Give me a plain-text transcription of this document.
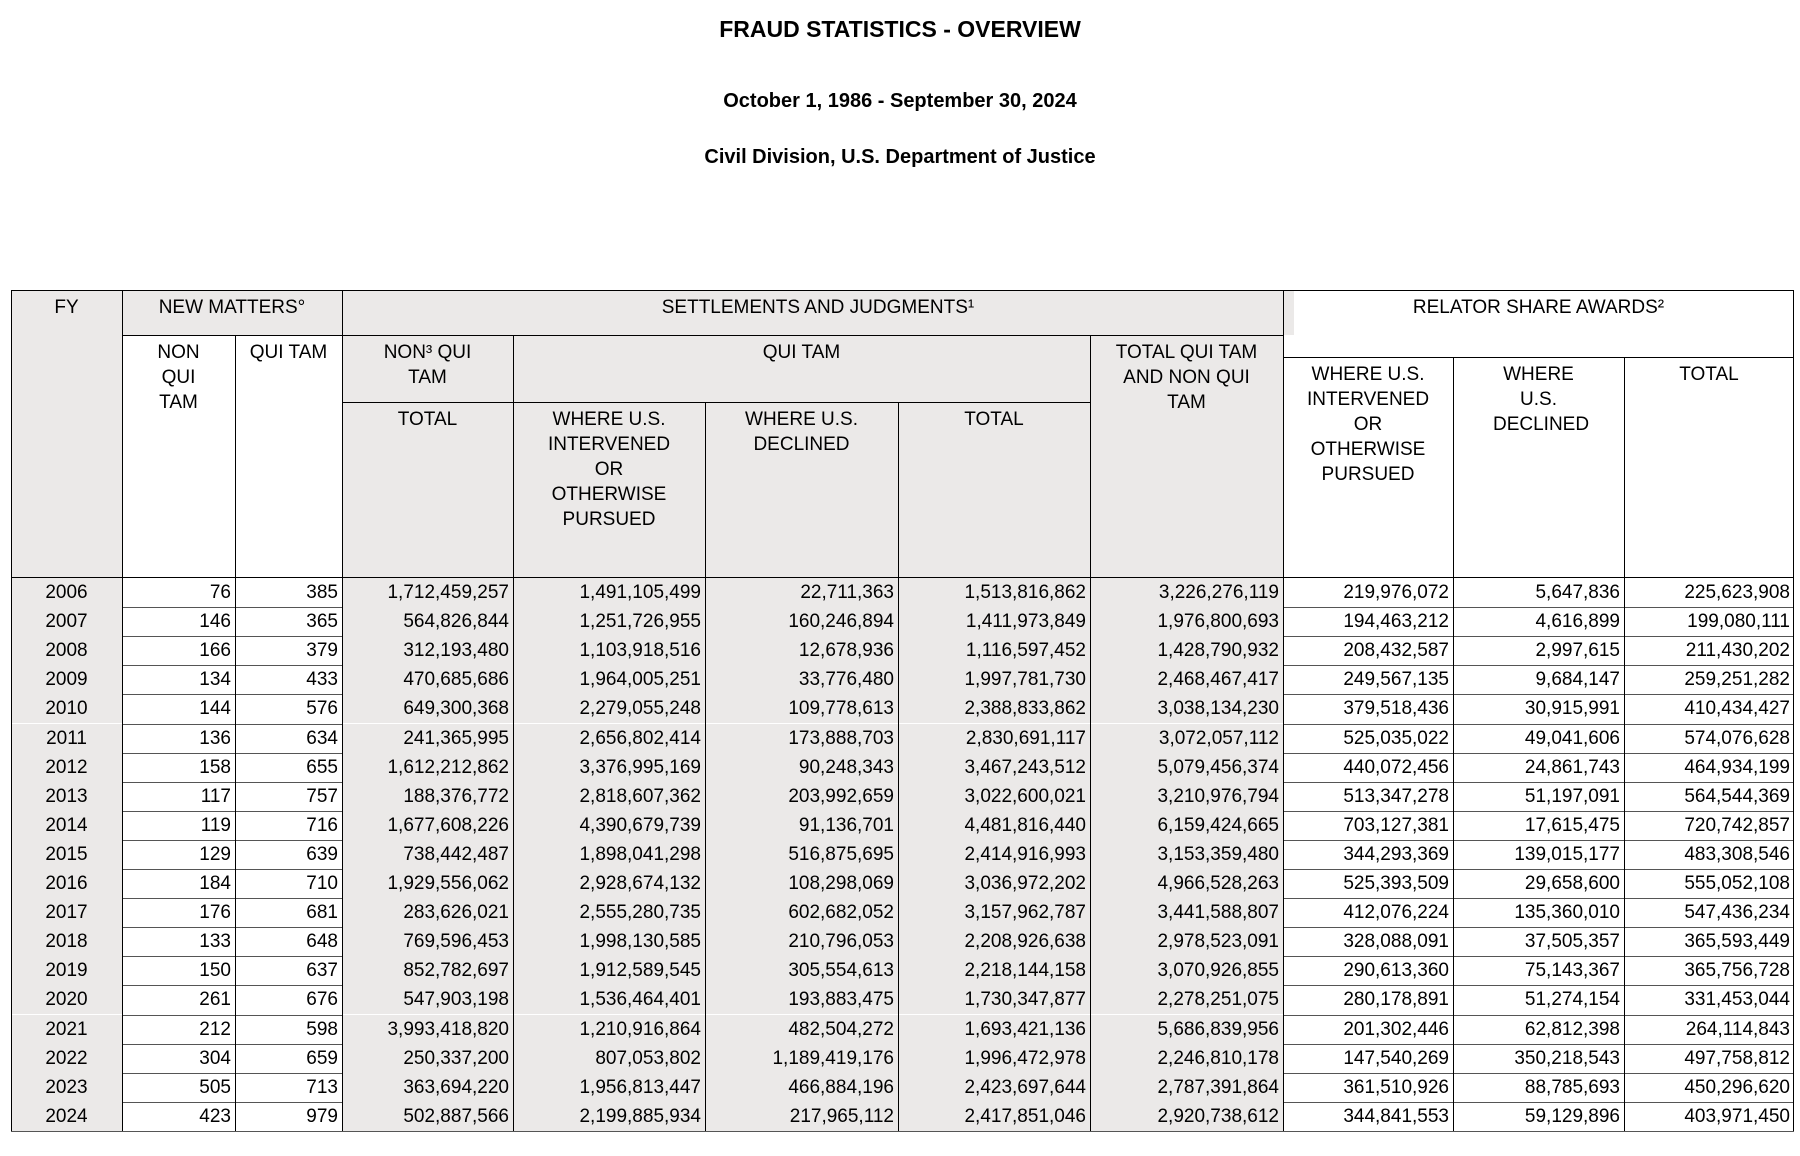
FRAUD STATISTICS - OVERVIEW
October 1, 1986 - September 30, 2024
Civil Division, U.S. Department of Justice
FY	NEW MATTERS°
NON QUI TAM
QUI TAM
SETTLEMENTS AND JUDGMENTS¹
NON³ QUI TAM
TOTAL
QUI TAM
WHERE U.S. INTERVENED OR OTHERWISE PURSUED
WHERE U.S. DECLINED
TOTAL
TOTAL QUI TAM AND NON QUI TAM
RELATOR SHARE AWARDS²
WHERE U.S. INTERVENED OR OTHERWISE PURSUED
WHERE U.S. DECLINED
TOTAL
2006	76	385	1,712,459,257	1,491,105,499	22,711,363	1,513,816,862	3,226,276,119	219,976,072	5,647,836	225,623,908
2007	146	365	564,826,844	1,251,726,955	160,246,894	1,411,973,849	1,976,800,693	194,463,212	4,616,899	199,080,111
2008	166	379	312,193,480	1,103,918,516	12,678,936	1,116,597,452	1,428,790,932	208,432,587	2,997,615	211,430,202
2009	134	433	470,685,686	1,964,005,251	33,776,480	1,997,781,730	2,468,467,417	249,567,135	9,684,147	259,251,282
2010	144	576	649,300,368	2,279,055,248	109,778,613	2,388,833,862	3,038,134,230	379,518,436	30,915,991	410,434,427
2011	136	634	241,365,995	2,656,802,414	173,888,703	2,830,691,117	3,072,057,112	525,035,022	49,041,606	574,076,628
2012	158	655	1,612,212,862	3,376,995,169	90,248,343	3,467,243,512	5,079,456,374	440,072,456	24,861,743	464,934,199
2013	117	757	188,376,772	2,818,607,362	203,992,659	3,022,600,021	3,210,976,794	513,347,278	51,197,091	564,544,369
2014	119	716	1,677,608,226	4,390,679,739	91,136,701	4,481,816,440	6,159,424,665	703,127,381	17,615,475	720,742,857
2015	129	639	738,442,487	1,898,041,298	516,875,695	2,414,916,993	3,153,359,480	344,293,369	139,015,177	483,308,546
2016	184	710	1,929,556,062	2,928,674,132	108,298,069	3,036,972,202	4,966,528,263	525,393,509	29,658,600	555,052,108
2017	176	681	283,626,021	2,555,280,735	602,682,052	3,157,962,787	3,441,588,807	412,076,224	135,360,010	547,436,234
2018	133	648	769,596,453	1,998,130,585	210,796,053	2,208,926,638	2,978,523,091	328,088,091	37,505,357	365,593,449
2019	150	637	852,782,697	1,912,589,545	305,554,613	2,218,144,158	3,070,926,855	290,613,360	75,143,367	365,756,728
2020	261	676	547,903,198	1,536,464,401	193,883,475	1,730,347,877	2,278,251,075	280,178,891	51,274,154	331,453,044
2021	212	598	3,993,418,820	1,210,916,864	482,504,272	1,693,421,136	5,686,839,956	201,302,446	62,812,398	264,114,843
2022	304	659	250,337,200	807,053,802	1,189,419,176	1,996,472,978	2,246,810,178	147,540,269	350,218,543	497,758,812
2023	505	713	363,694,220	1,956,813,447	466,884,196	2,423,697,644	2,787,391,864	361,510,926	88,785,693	450,296,620
2024	423	979	502,887,566	2,199,885,934	217,965,112	2,417,851,046	2,920,738,612	344,841,553	59,129,896	403,971,450
